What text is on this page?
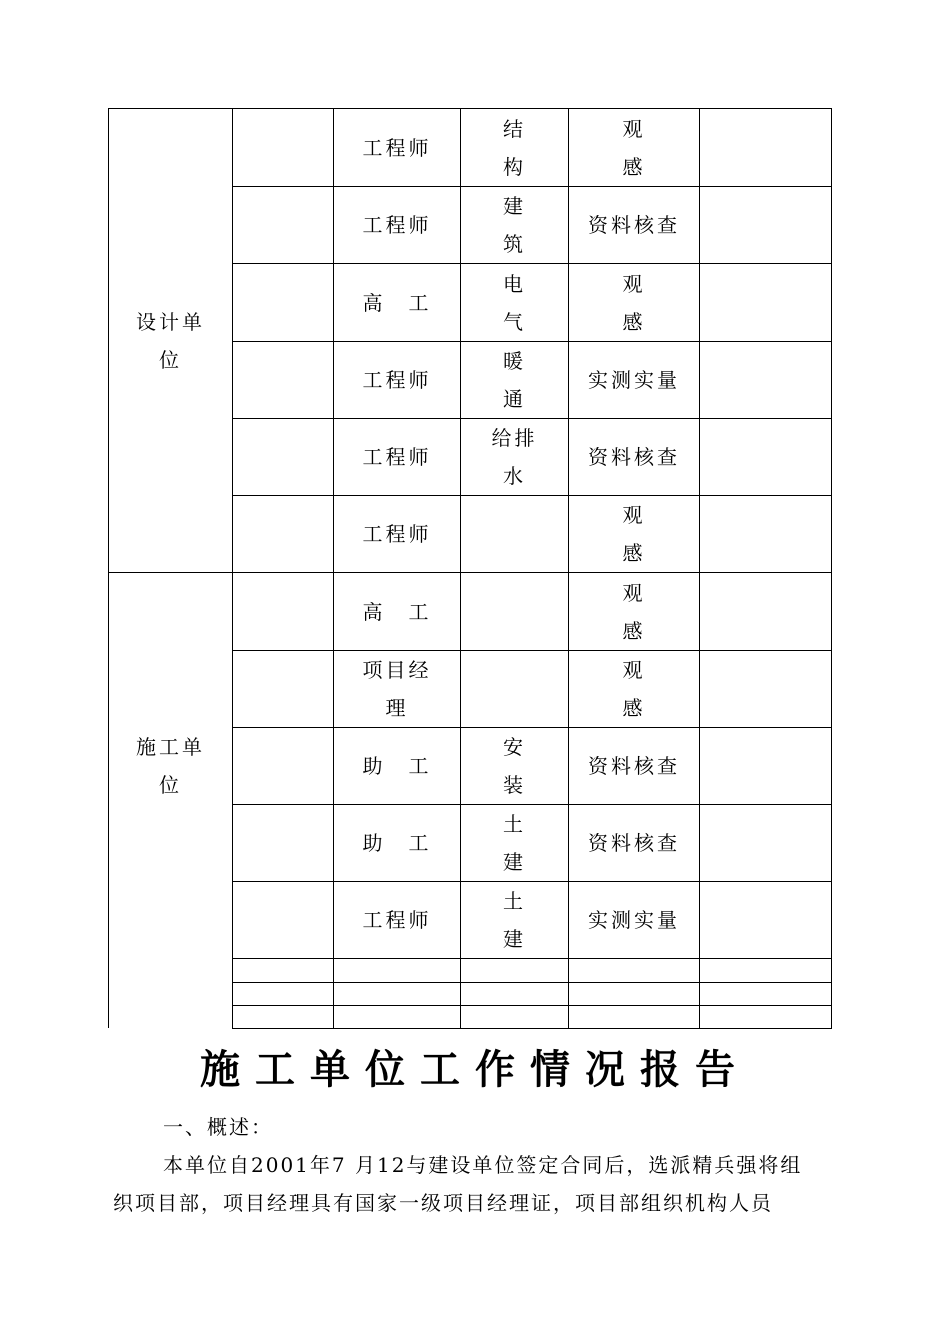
设计单
位
施工单
位
工程师
结
构
观
感
工程师
建
筑
资料核查
高　工
电
气
观
感
工程师
暖
通
实测实量
工程师
给排
水
资料核查
工程师
观
感
高　工
观
感
项目经
理
观
感
助　工
安
装
资料核查
助　工
土
建
资料核查
工程师
土
建
实测实量
施工单位工作情况报告
一、概述：
本单位自2001年7 月12与建设单位签定合同后，选派精兵强将组
织项目部，项目经理具有国家一级项目经理证，项目部组织机构人员
